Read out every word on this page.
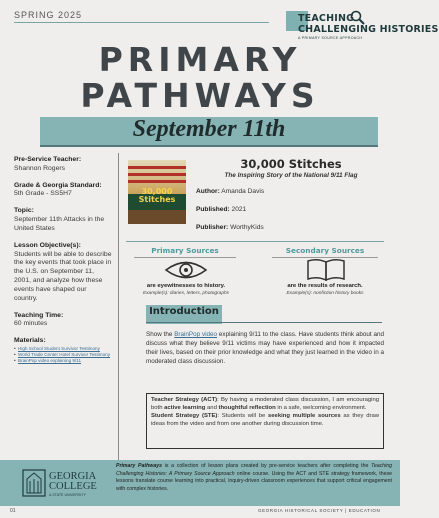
SPRING 2025	TEACHING
CHALLENGING HISTORIES
A PRIMARY SOURCE APPROACH
PRIMARY
PATHWAYS
September 11th
Pre-Service Teacher:
Shannon Rogers
Grade & Georgia Standard:
5th Grade - SS5H7
Topic:
September 11th Attacks in the United States
Lesson Objective(s):
Students will be able to describe the key events that took place in the U.S. on September 11, 2001, and analyze how these events have shaped our country.
Teaching Time:
60 minutes
Materials:
• High School Student Survivor Testimony
• World Trade Center Hotel Survivor Testimony
• BrainPop video explaining 9/11
30,000
Stitches
30,000 Stitches
The Inspiring Story of the National 9/11 Flag
Author: Amanda Davis
Published: 2021
Publisher: WorthyKids
Primary Sources
are eyewitnesses to history.
Example(s): diaries, letters, photographs
Secondary Sources
are the results of research.
Example(s): nonfiction history books
Introduction
Show the BrainPop video explaining 9/11 to the class. Have students think about and discuss what they believe 9/11 victims may have experienced and how it impacted their lives, based on their prior knowledge and what they just learned in the video in a moderated class discussion.
Teacher Strategy (ACT): By having a moderated class discussion, I am encouraging both active learning and thoughtful reflection in a safe, welcoming environment.
Student Strategy (STE): Students will be seeking multiple sources as they draw ideas from the video and from one another during discussion time.
GEORGIA
COLLEGE
& STATE UNIVERSITY
Primary Pathways is a collection of lesson plans created by pre-service teachers after completing the Teaching Challenging Histories: A Primary Source Approach online course. Using the ACT and STE strategy framework, these lessons translate course learning into practical, inquiry-driven classroom experiences that support critical engagement with complex histories.
01	GEORGIA HISTORICAL SOCIETY | EDUCATION
